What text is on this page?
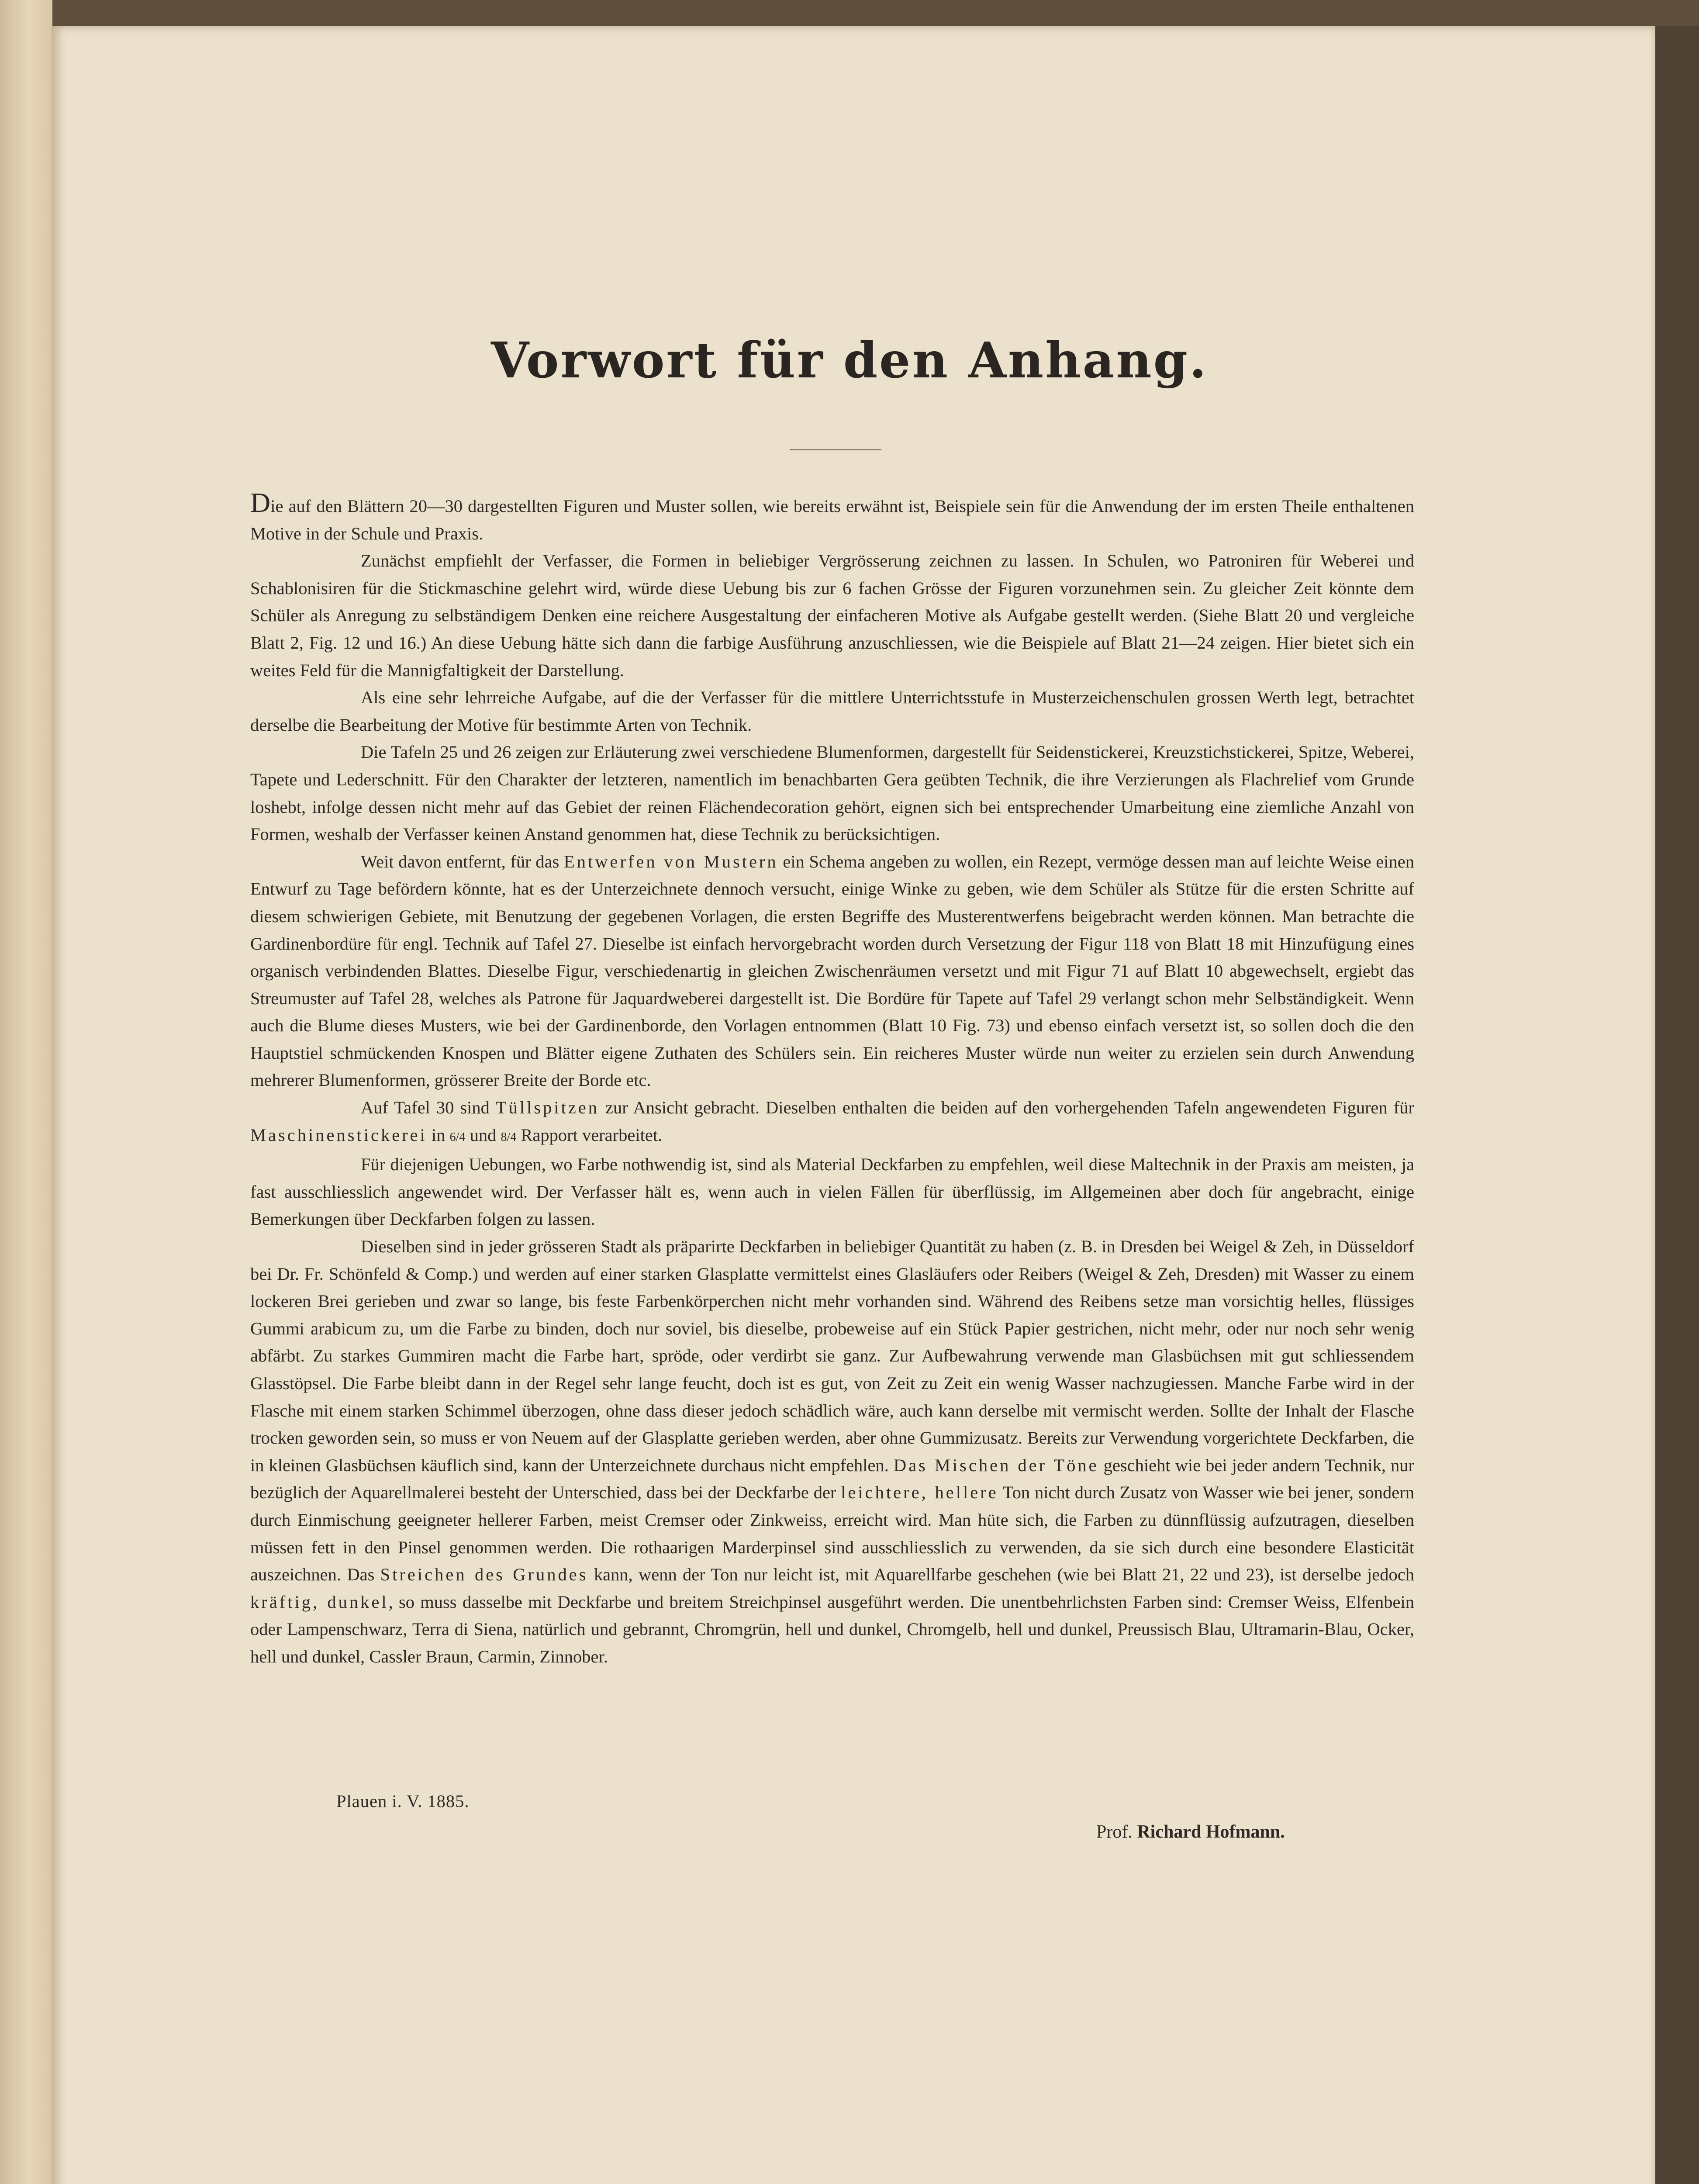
Vorwort für den Anhang.

Die auf den Blättern 20—30 dargestellten Figuren und Muster sollen, wie bereits erwähnt ist, Beispiele sein für die Anwendung der im ersten Theile enthaltenen Motive in der Schule und Praxis.

Zunächst empfiehlt der Verfasser, die Formen in beliebiger Vergrösserung zeichnen zu lassen. In Schulen, wo Patroniren für Weberei und Schablonisiren für die Stickmaschine gelehrt wird, würde diese Uebung bis zur 6 fachen Grösse der Figuren vorzunehmen sein. Zu gleicher Zeit könnte dem Schüler als Anregung zu selbständigem Denken eine reichere Ausgestaltung der einfacheren Motive als Aufgabe gestellt werden. (Siehe Blatt 20 und vergleiche Blatt 2, Fig. 12 und 16.) An diese Uebung hätte sich dann die farbige Ausführung anzuschliessen, wie die Beispiele auf Blatt 21—24 zeigen. Hier bietet sich ein weites Feld für die Mannigfaltigkeit der Darstellung.

Als eine sehr lehrreiche Aufgabe, auf die der Verfasser für die mittlere Unterrichtsstufe in Musterzeichenschulen grossen Werth legt, betrachtet derselbe die Bearbeitung der Motive für bestimmte Arten von Technik.

Die Tafeln 25 und 26 zeigen zur Erläuterung zwei verschiedene Blumenformen, dargestellt für Seidenstickerei, Kreuzstichstickerei, Spitze, Weberei, Tapete und Lederschnitt. Für den Charakter der letzteren, namentlich im benachbarten Gera geübten Technik, die ihre Verzierungen als Flachrelief vom Grunde loshebt, infolge dessen nicht mehr auf das Gebiet der reinen Flächendecoration gehört, eignen sich bei entsprechender Umarbeitung eine ziemliche Anzahl von Formen, weshalb der Verfasser keinen Anstand genommen hat, diese Technik zu berücksichtigen.

Weit davon entfernt, für das Entwerfen von Mustern ein Schema angeben zu wollen, ein Rezept, vermöge dessen man auf leichte Weise einen Entwurf zu Tage befördern könnte, hat es der Unterzeichnete dennoch versucht, einige Winke zu geben, wie dem Schüler als Stütze für die ersten Schritte auf diesem schwierigen Gebiete, mit Benutzung der gegebenen Vorlagen, die ersten Begriffe des Musterentwerfens beigebracht werden können. Man betrachte die Gardinenbordüre für engl. Technik auf Tafel 27. Dieselbe ist einfach hervorgebracht worden durch Versetzung der Figur 118 von Blatt 18 mit Hinzufügung eines organisch verbindenden Blattes. Dieselbe Figur, verschiedenartig in gleichen Zwischenräumen versetzt und mit Figur 71 auf Blatt 10 abgewechselt, ergiebt das Streumuster auf Tafel 28, welches als Patrone für Jaquardweberei dargestellt ist. Die Bordüre für Tapete auf Tafel 29 verlangt schon mehr Selbständigkeit. Wenn auch die Blume dieses Musters, wie bei der Gardinenborde, den Vorlagen entnommen (Blatt 10 Fig. 73) und ebenso einfach versetzt ist, so sollen doch die den Hauptstiel schmückenden Knospen und Blätter eigene Zuthaten des Schülers sein. Ein reicheres Muster würde nun weiter zu erzielen sein durch Anwendung mehrerer Blumenformen, grösserer Breite der Borde etc.

Auf Tafel 30 sind Tüllspitzen zur Ansicht gebracht. Dieselben enthalten die beiden auf den vorhergehenden Tafeln angewendeten Figuren für Maschinenstickerei in 6/4 und 8/4 Rapport verarbeitet.

Für diejenigen Uebungen, wo Farbe nothwendig ist, sind als Material Deckfarben zu empfehlen, weil diese Maltechnik in der Praxis am meisten, ja fast ausschliesslich angewendet wird. Der Verfasser hält es, wenn auch in vielen Fällen für überflüssig, im Allgemeinen aber doch für angebracht, einige Bemerkungen über Deckfarben folgen zu lassen.

Dieselben sind in jeder grösseren Stadt als präparirte Deckfarben in beliebiger Quantität zu haben (z. B. in Dresden bei Weigel & Zeh, in Düsseldorf bei Dr. Fr. Schönfeld & Comp.) und werden auf einer starken Glasplatte vermittelst eines Glasläufers oder Reibers (Weigel & Zeh, Dresden) mit Wasser zu einem lockeren Brei gerieben und zwar so lange, bis feste Farbenkörperchen nicht mehr vorhanden sind. Während des Reibens setze man vorsichtig helles, flüssiges Gummi arabicum zu, um die Farbe zu binden, doch nur soviel, bis dieselbe, probeweise auf ein Stück Papier gestrichen, nicht mehr, oder nur noch sehr wenig abfärbt. Zu starkes Gummiren macht die Farbe hart, spröde, oder verdirbt sie ganz. Zur Aufbewahrung verwende man Glasbüchsen mit gut schliessendem Glasstöpsel. Die Farbe bleibt dann in der Regel sehr lange feucht, doch ist es gut, von Zeit zu Zeit ein wenig Wasser nachzugiessen. Manche Farbe wird in der Flasche mit einem starken Schimmel überzogen, ohne dass dieser jedoch schädlich wäre, auch kann derselbe mit vermischt werden. Sollte der Inhalt der Flasche trocken geworden sein, so muss er von Neuem auf der Glasplatte gerieben werden, aber ohne Gummizusatz. Bereits zur Verwendung vorgerichtete Deckfarben, die in kleinen Glasbüchsen käuflich sind, kann der Unterzeichnete durchaus nicht empfehlen. Das Mischen der Töne geschieht wie bei jeder andern Technik, nur bezüglich der Aquarellmalerei besteht der Unterschied, dass bei der Deckfarbe der leichtere, hellere Ton nicht durch Zusatz von Wasser wie bei jener, sondern durch Einmischung geeigneter hellerer Farben, meist Cremser oder Zinkweiss, erreicht wird. Man hüte sich, die Farben zu dünnflüssig aufzutragen, dieselben müssen fett in den Pinsel genommen werden. Die rothaarigen Marderpinsel sind ausschliesslich zu verwenden, da sie sich durch eine besondere Elasticität auszeichnen. Das Streichen des Grundes kann, wenn der Ton nur leicht ist, mit Aquarellfarbe geschehen (wie bei Blatt 21, 22 und 23), ist derselbe jedoch kräftig, dunkel, so muss dasselbe mit Deckfarbe und breitem Streichpinsel ausgeführt werden. Die unentbehrlichsten Farben sind: Cremser Weiss, Elfenbein oder Lampenschwarz, Terra di Siena, natürlich und gebrannt, Chromgrün, hell und dunkel, Chromgelb, hell und dunkel, Preussisch Blau, Ultramarin-Blau, Ocker, hell und dunkel, Cassler Braun, Carmin, Zinnober.

Plauen i. V. 1885.
Prof. Richard Hofmann.
